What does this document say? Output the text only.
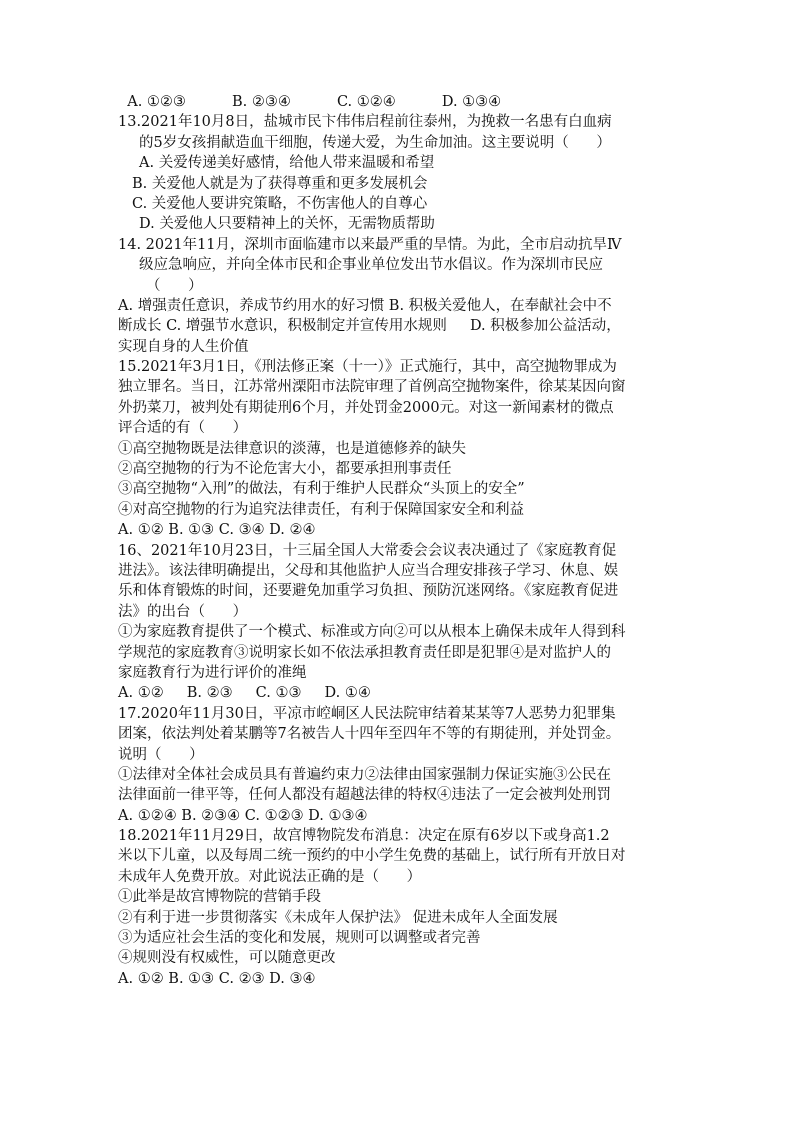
A. ①②③          B. ②③④          C. ①②④          D. ①③④
13.2021年10月8日，盐城市民卞伟伟启程前往泰州，为挽救一名患有白血病
的5岁女孩捐献造血干细胞，传递大爱，为生命加油。这主要说明（      ）
A. 关爱传递美好感情，给他人带来温暖和希望
B. 关爱他人就是为了获得尊重和更多发展机会
C. 关爱他人要讲究策略，不伤害他人的自尊心
D. 关爱他人只要精神上的关怀，无需物质帮助
14. 2021年11月，深圳市面临建市以来最严重的旱情。为此，全市启动抗旱Ⅳ
级应急响应，并向全体市民和企事业单位发出节水倡议。作为深圳市民应
（      ）
A. 增强责任意识，养成节约用水的好习惯 B. 积极关爱他人，在奉献社会中不
断成长 C. 增强节水意识，积极制定并宣传用水规则     D. 积极参加公益活动，
实现自身的人生价值
15.2021年3月1日，《刑法修正案（十一）》正式施行，其中，高空抛物罪成为
独立罪名。当日，江苏常州溧阳市法院审理了首例高空抛物案件，徐某某因向窗
外扔菜刀，被判处有期徒刑6个月，并处罚金2000元。对这一新闻素材的微点
评合适的有（      ）
①高空抛物既是法律意识的淡薄，也是道德修养的缺失
②高空抛物的行为不论危害大小，都要承担刑事责任
③高空抛物“入刑”的做法，有利于维护人民群众“头顶上的安全”
④对高空抛物的行为追究法律责任，有利于保障国家安全和利益
A. ①② B. ①③ C. ③④ D. ②④
16、2021年10月23日，十三届全国人大常委会会议表决通过了《家庭教育促
进法》。该法律明确提出，父母和其他监护人应当合理安排孩子学习、休息、娱
乐和体育锻炼的时间，还要避免加重学习负担、预防沉迷网络。《家庭教育促进
法》的出台（      ）
①为家庭教育提供了一个模式、标准或方向②可以从根本上确保未成年人得到科
学规范的家庭教育③说明家长如不依法承担教育责任即是犯罪④是对监护人的
家庭教育行为进行评价的准绳
A. ①②     B. ②③     C. ①③     D. ①④
17.2020年11月30日，平凉市崆峒区人民法院审结着某某等7人恶势力犯罪集
团案，依法判处着某鹏等7名被告人十四年至四年不等的有期徒刑，并处罚金。
说明（      ）
①法律对全体社会成员具有普遍约束力②法律由国家强制力保证实施③公民在
法律面前一律平等，任何人都没有超越法律的特权④违法了一定会被判处刑罚
A. ①②④ B. ②③④ C. ①②③ D. ①③④
18.2021年11月29日，故宫博物院发布消息：决定在原有6岁以下或身高1.2
米以下儿童，以及每周二统一预约的中小学生免费的基础上，试行所有开放日对
未成年人免费开放。对此说法正确的是（      ）
①此举是故宫博物院的营销手段
②有利于进一步贯彻落实《未成年人保护法》 促进未成年人全面发展
③为适应社会生活的变化和发展，规则可以调整或者完善
④规则没有权威性，可以随意更改
A. ①② B. ①③ C. ②③ D. ③④
